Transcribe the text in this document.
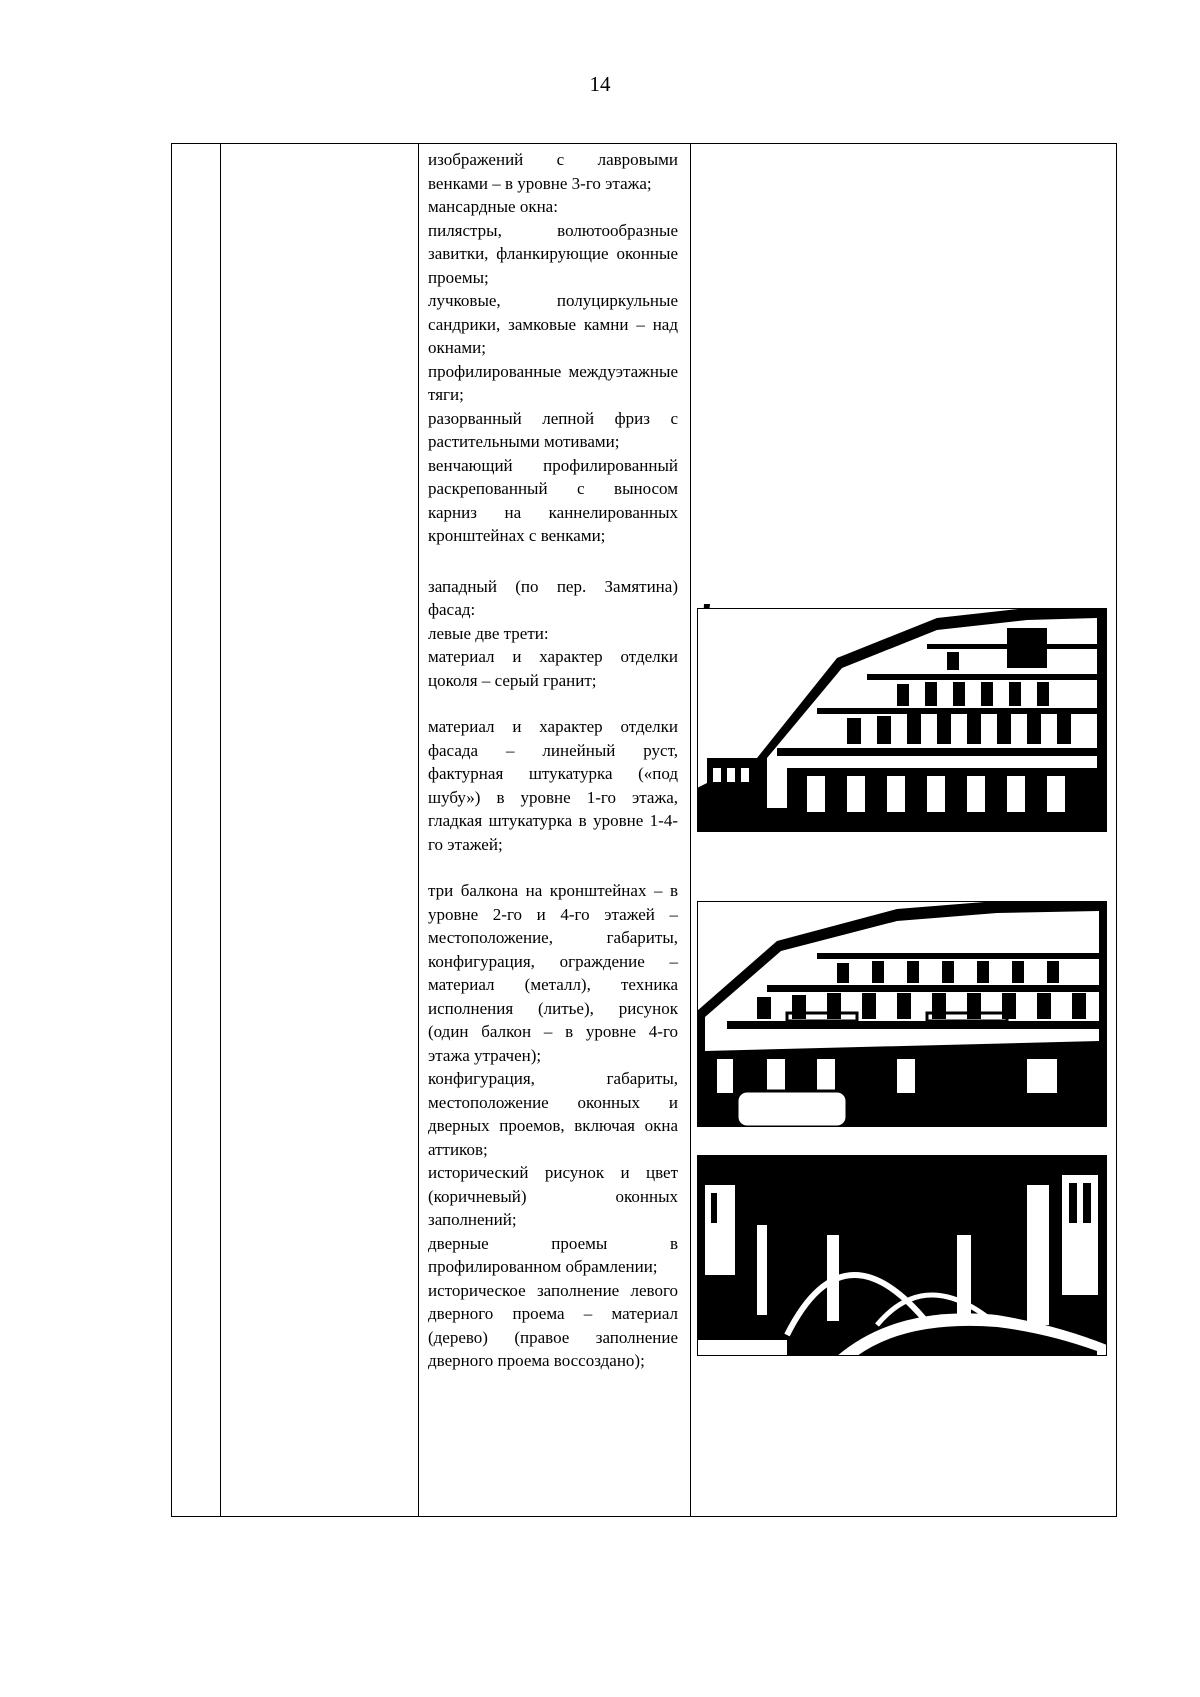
14

изображений с лавровыми венками – в уровне 3-го этажа;

мансардные окна:

пилястры, волютообразные завитки, фланкирующие оконные проемы;

лучковые, полуциркульные сандрики, замковые камни – над окнами;

профилированные междуэтажные тяги;

разорванный лепной фриз с растительными мотивами;

венчающий профилированный раскрепованный с выносом карниз на каннелированных кронштейнах с венками;

западный (по пер. Замятина) фасад:

левые две трети:

материал и характер отделки цоколя – серый гранит;

материал и характер отделки фасада – линейный руст, фактурная штукатурка («под шубу») в уровне 1-го этажа, гладкая штукатурка в уровне 1-4-го этажей;

три балкона на кронштейнах – в уровне 2-го и 4-го этажей – местоположение, габариты, конфигурация, ограждение – материал (металл), техника исполнения (литье), рисунок (один балкон – в уровне 4-го этажа утрачен);

конфигурация, габариты, местоположение оконных и дверных проемов, включая окна аттиков;

исторический рисунок и цвет (коричневый) оконных заполнений;

дверные проемы в профилированном обрамлении;

историческое заполнение левого дверного проема – материал (дерево) (правое заполнение дверного проема воссоздано);
